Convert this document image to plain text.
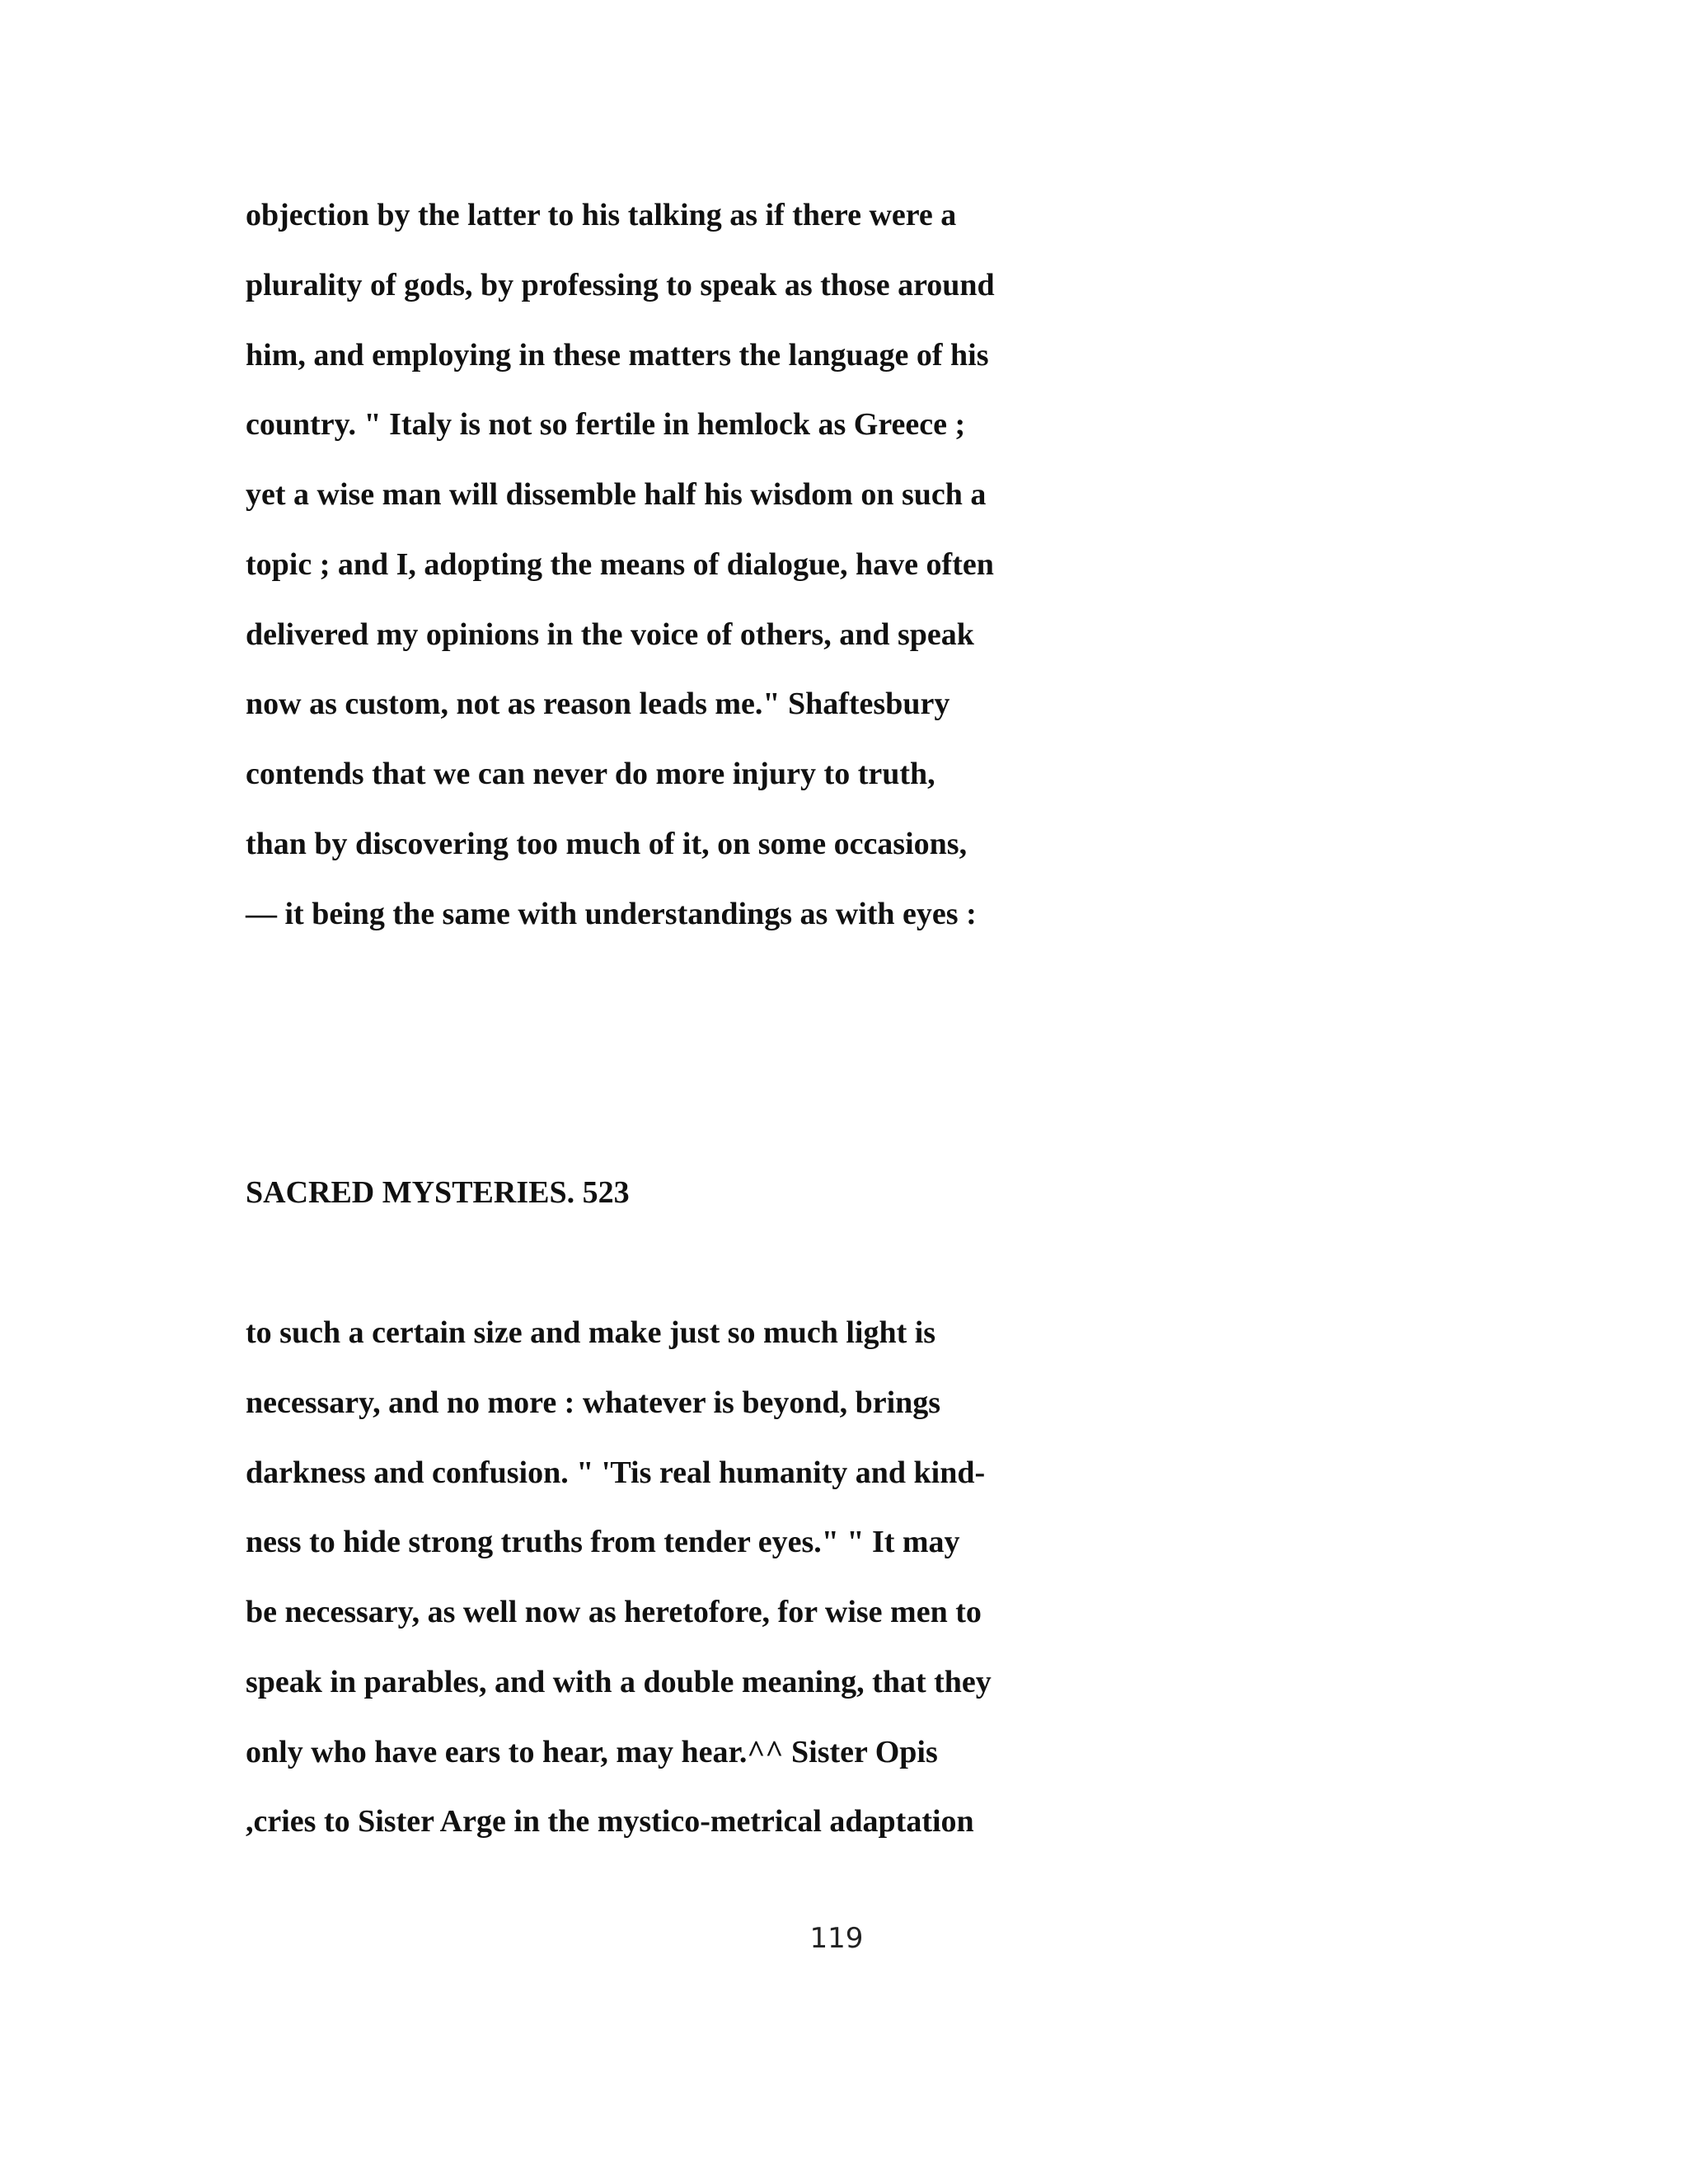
objection by the latter to his talking as if there were a

plurality of gods, by professing to speak as those around

him, and employing in these matters the language of his

country. " Italy is not so fertile in hemlock as Greece ;

yet a wise man will dissemble half his wisdom on such a

topic ; and I, adopting the means of dialogue, have often

delivered my opinions in the voice of others, and speak

now as custom, not as reason leads me." Shaftesbury

contends that we can never do more injury to truth,

than by discovering too much of it, on some occasions,

— it being the same with understandings as with eyes :

SACRED MYSTERIES. 523

to such a certain size and make just so much light is

necessary, and no more : whatever is beyond, brings

darkness and confusion. " 'Tis real humanity and kind-

ness to hide strong truths from tender eyes." " It may

be necessary, as well now as heretofore, for wise men to

speak in parables, and with a double meaning, that they

only who have ears to hear, may hear.^^ Sister Opis

,cries to Sister Arge in the mystico-metrical adaptation

119
